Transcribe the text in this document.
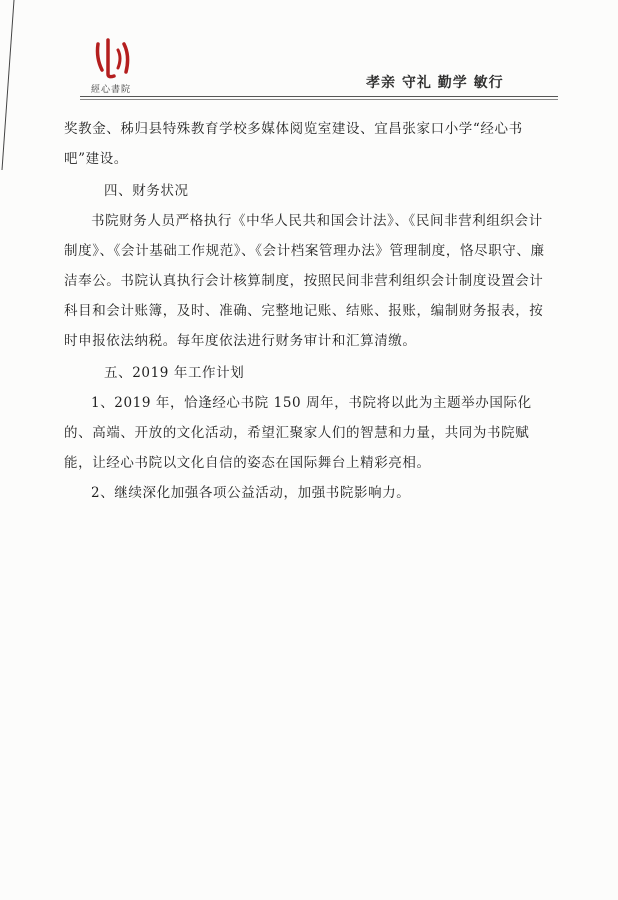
經心書院	孝亲 守礼 勤学 敏行

奖教金、秭归县特殊教育学校多媒体阅览室建设、宜昌张家口小学“经心书吧”建设。

四、财务状况

书院财务人员严格执行《中华人民共和国会计法》、《民间非营利组织会计制度》、《会计基础工作规范》、《会计档案管理办法》管理制度，恪尽职守、廉洁奉公。书院认真执行会计核算制度，按照民间非营利组织会计制度设置会计科目和会计账簿，及时、准确、完整地记账、结账、报账，编制财务报表，按时申报依法纳税。每年度依法进行财务审计和汇算清缴。

五、2019 年工作计划

1、2019 年，恰逢经心书院 150 周年，书院将以此为主题举办国际化的、高端、开放的文化活动，希望汇聚家人们的智慧和力量，共同为书院赋能，让经心书院以文化自信的姿态在国际舞台上精彩亮相。

2、继续深化加强各项公益活动，加强书院影响力。
